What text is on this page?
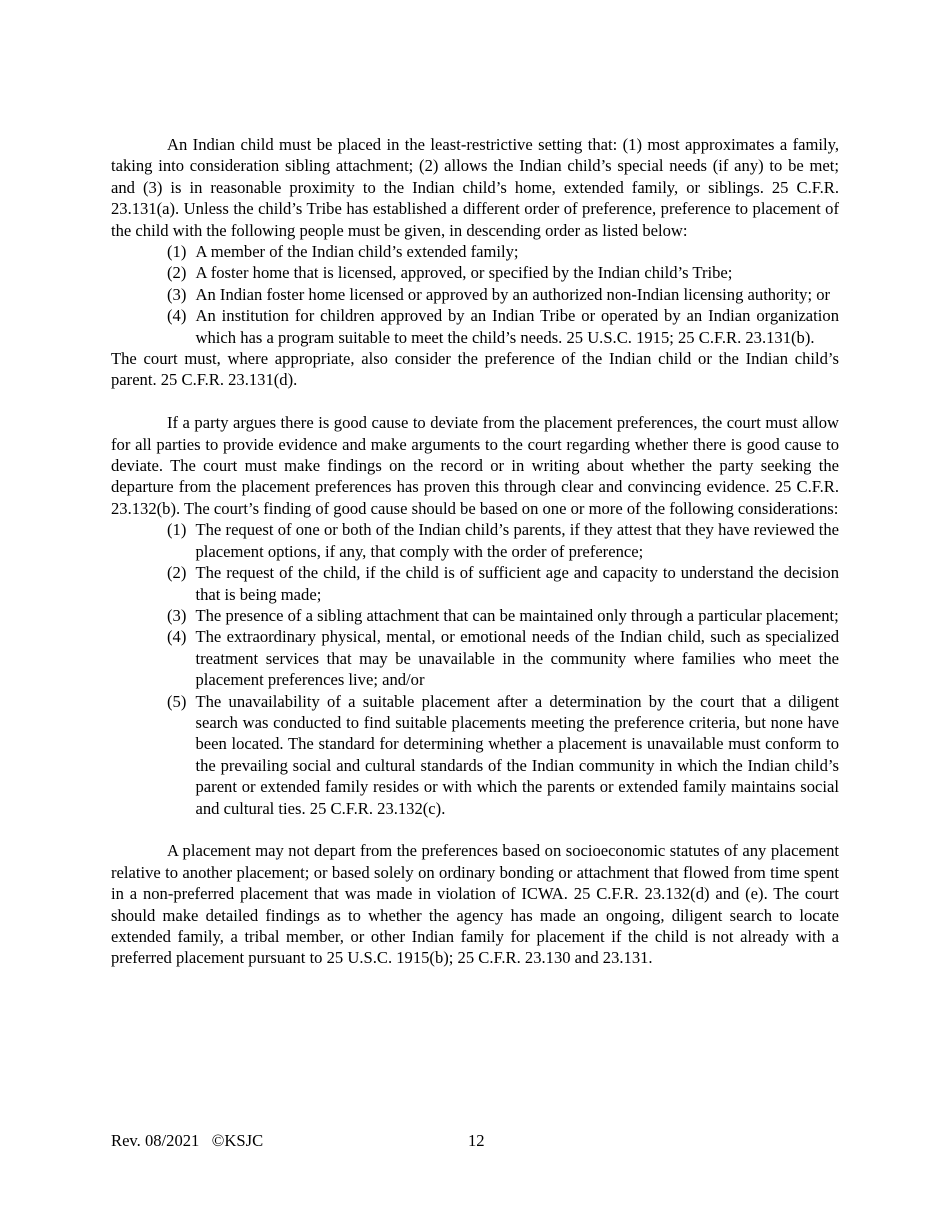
An Indian child must be placed in the least-restrictive setting that: (1) most approximates a family, taking into consideration sibling attachment; (2) allows the Indian child’s special needs (if any) to be met; and (3) is in reasonable proximity to the Indian child’s home, extended family, or siblings. 25 C.F.R. 23.131(a). Unless the child’s Tribe has established a different order of preference, preference to placement of the child with the following people must be given, in descending order as listed below:

(1) A member of the Indian child’s extended family;
(2) A foster home that is licensed, approved, or specified by the Indian child’s Tribe;
(3) An Indian foster home licensed or approved by an authorized non-Indian licensing authority; or
(4) An institution for children approved by an Indian Tribe or operated by an Indian organization which has a program suitable to meet the child’s needs. 25 U.S.C. 1915; 25 C.F.R. 23.131(b).

The court must, where appropriate, also consider the preference of the Indian child or the Indian child’s parent. 25 C.F.R. 23.131(d).

If a party argues there is good cause to deviate from the placement preferences, the court must allow for all parties to provide evidence and make arguments to the court regarding whether there is good cause to deviate. The court must make findings on the record or in writing about whether the party seeking the departure from the placement preferences has proven this through clear and convincing evidence. 25 C.F.R. 23.132(b). The court’s finding of good cause should be based on one or more of the following considerations:

(1) The request of one or both of the Indian child’s parents, if they attest that they have reviewed the placement options, if any, that comply with the order of preference;
(2) The request of the child, if the child is of sufficient age and capacity to understand the decision that is being made;
(3) The presence of a sibling attachment that can be maintained only through a particular placement;
(4) The extraordinary physical, mental, or emotional needs of the Indian child, such as specialized treatment services that may be unavailable in the community where families who meet the placement preferences live; and/or
(5) The unavailability of a suitable placement after a determination by the court that a diligent search was conducted to find suitable placements meeting the preference criteria, but none have been located. The standard for determining whether a placement is unavailable must conform to the prevailing social and cultural standards of the Indian community in which the Indian child’s parent or extended family resides or with which the parents or extended family maintains social and cultural ties. 25 C.F.R. 23.132(c).

A placement may not depart from the preferences based on socioeconomic statutes of any placement relative to another placement; or based solely on ordinary bonding or attachment that flowed from time spent in a non-preferred placement that was made in violation of ICWA. 25 C.F.R. 23.132(d) and (e). The court should make detailed findings as to whether the agency has made an ongoing, diligent search to locate extended family, a tribal member, or other Indian family for placement if the child is not already with a preferred placement pursuant to 25 U.S.C. 1915(b); 25 C.F.R. 23.130 and 23.131.

Rev. 08/2021   ©KSJC	12
